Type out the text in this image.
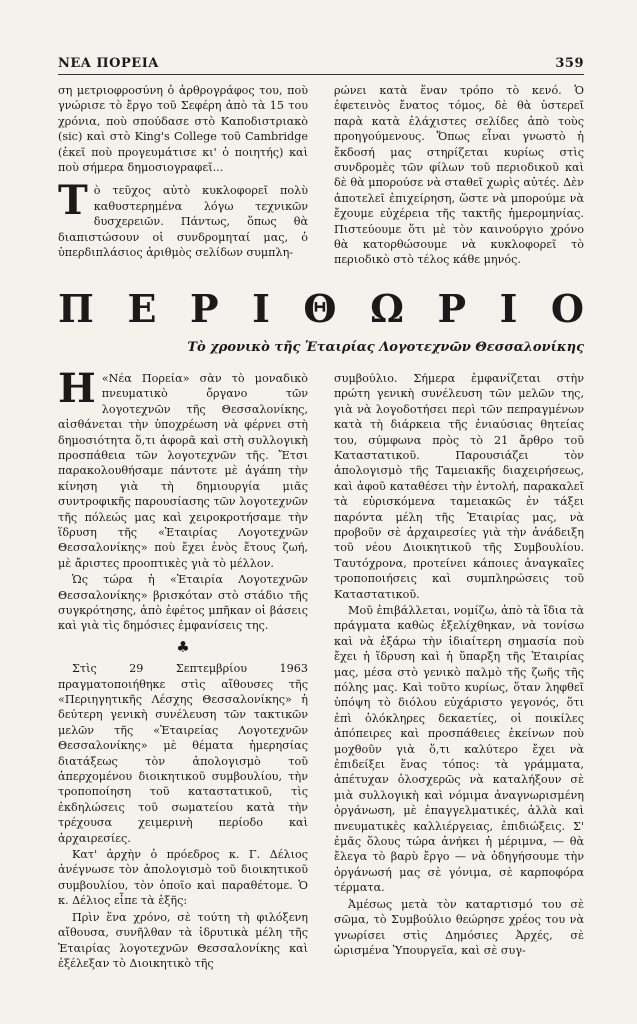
ΝΕΑ ΠΟΡΕΙΑ	359

ση μετριοφροσύνη ὁ ἀρθρογράφος του, ποὺ γνώρισε τὸ ἔργο τοῦ Σεφέρη ἀπὸ τὰ 15 του χρόνια, ποὺ σπούδασε στὸ Καποδιστριακὸ (sic) καὶ στὸ King's College τοῦ Cambridge (ἐκεῖ ποὺ προγευμάτισε κι' ὁ ποιητής) καὶ ποὺ σήμερα δημοσιογραφεῖ...

Τ ὸ τεῦχος αὐτὸ κυκλοφορεῖ πολὺ καθυστερημένα λόγω τεχνικῶν δυσχερειῶν. Πάντως, ὅπως θὰ διαπιστώσουν οἱ συνδρομηταί μας, ὁ ὑπερδιπλάσιος ἀριθμὸς σελίδων συμπλη-

ρώνει κατὰ ἕναν τρόπο τὸ κενό. Ὁ ἐφετεινὸς ἔνατος τόμος, δὲ θὰ ὑστερεῖ παρὰ κατὰ ἐλάχιστες σελίδες ἀπὸ τοὺς προηγούμενους. Ὅπως εἶναι γνωστὸ ἡ ἔκδοσή μας στηρίζεται κυρίως στὶς συνδρομὲς τῶν φίλων τοῦ περιοδικοῦ καὶ δὲ θὰ μπορούσε νὰ σταθεῖ χωρὶς αὐτές. Δὲν ἀποτελεῖ ἐπιχείρηση, ὥστε νὰ μπορούμε νὰ ἔχουμε εὐχέρεια τῆς τακτῆς ἡμερομηνίας. Πιστεύουμε ὅτι μὲ τὸν καινούργιο χρόνο θὰ κατορθώσουμε νὰ κυκλοφορεῖ τὸ περιοδικὸ στὸ τέλος κάθε μηνός.

Π Ε Ρ Ι Θ Ω Ρ Ι Ο
Τὸ χρονικὸ τῆς Ἑταιρίας Λογοτεχνῶν Θεσσαλονίκης

Η «Νέα Πορεία» σὰν τὸ μοναδικὸ πνευματικὸ ὄργανο τῶν λογοτεχνῶν τῆς Θεσσαλονίκης, αἰσθάνεται τὴν ὑποχρέωση νὰ φέρνει στὴ δημοσιότητα ὅ,τι ἀφορᾶ καὶ στὴ συλλογικὴ προσπάθεια τῶν λογοτεχνῶν τῆς. Ἔτσι παρακολουθήσαμε πάντοτε μὲ ἀγάπη τὴν κίνηση γιὰ τὴ δημιουργία μιᾶς συντροφικῆς παρουσίασης τῶν λογοτεχνῶν τῆς πόλεώς μας καὶ χειροκροτήσαμε τὴν ἵδρυση τῆς «Ἑταιρίας Λογοτεχνῶν Θεσσαλονίκης» ποὺ ἔχει ἑνὸς ἔτους ζωή, μὲ ἄριστες προοπτικὲς γιὰ τὸ μέλλον.

Ὡς τώρα ἡ «Ἑταιρία Λογοτεχνῶν Θεσσαλονίκης» βρισκόταν στὸ στάδιο τῆς συγκρότησης, ἀπὸ ἐφέτος μπῆκαν οἱ βάσεις καὶ γιὰ τὶς δημόσιες ἐμφανίσεις της.

♣

Στὶς 29 Σεπτεμβρίου 1963 πραγματοποιήθηκε στὶς αἴθουσες τῆς «Περιηγητικῆς Λέσχης Θεσσαλονίκης» ἡ δεύτερη γενικὴ συνέλευση τῶν τακτικῶν μελῶν τῆς «Ἑταιρείας Λογοτεχνῶν Θεσσαλονίκης» μὲ θέματα ἡμερησίας διατάξεως τὸν ἀπολογισμὸ τοῦ ἀπερχομένου διοικητικοῦ συμβουλίου, τὴν τροποποίηση τοῦ καταστατικοῦ, τὶς ἐκδηλώσεις τοῦ σωματείου κατὰ τὴν τρέχουσα χειμερινὴ περίοδο καὶ ἀρχαιρεσίες.

Κατ' ἀρχὴν ὁ πρόεδρος κ. Γ. Δέλιος ἀνέγνωσε τὸν ἀπολογισμὸ τοῦ διοικητικοῦ συμβουλίου, τὸν ὁποῖο καὶ παραθέτομε. Ὁ κ. Δέλιος εἶπε τὰ ἑξῆς:

Πρὶν ἕνα χρόνο, σὲ τούτη τὴ φιλόξενη αἴθουσα, συνῆλθαν τὰ ἱδρυτικὰ μέλη τῆς Ἑταιρίας λογοτεχνῶν Θεσσαλονίκης καὶ ἐξέλεξαν τὸ Διοικητικὸ τῆς

συμβούλιο. Σήμερα ἐμφανίζεται στὴν πρώτη γενικὴ συνέλευση τῶν μελῶν της, γιὰ νὰ λογοδοτήσει περὶ τῶν πεπραγμένων κατὰ τὴ διάρκεια τῆς ἐνιαύσιας θητείας του, σύμφωνα πρὸς τὸ 21 ἄρθρο τοῦ Καταστατικοῦ. Παρουσιάζει τὸν ἀπολογισμὸ τῆς Ταμειακῆς διαχειρήσεως, καὶ ἀφοῦ καταθέσει τὴν ἐντολή, παρακαλεῖ τὰ εὑρισκόμενα ταμειακῶς ἐν τάξει παρόντα μέλη τῆς Ἑταιρίας μας, νὰ προβοῦν σὲ ἀρχαιρεσίες γιὰ τὴν ἀνάδειξη τοῦ νέου Διοικητικοῦ τῆς Συμβουλίου. Ταυτόχρονα, προτείνει κάποιες ἀναγκαῖες τροποποιήσεις καὶ συμπληρώσεις τοῦ Καταστατικοῦ.

Μοῦ ἐπιβάλλεται, νομίζω, ἀπὸ τὰ ἴδια τὰ πράγματα καθὼς ἐξελίχθηκαν, νὰ τονίσω καὶ νὰ ἐξάρω τὴν ἰδιαίτερη σημασία ποὺ ἔχει ἡ ἵδρυση καὶ ἡ ὕπαρξη τῆς Ἑταιρίας μας, μέσα στὸ γενικὸ παλμὸ τῆς ζωῆς τῆς πόλης μας. Καὶ τοῦτο κυρίως, ὅταν ληφθεῖ ὑπόψη τὸ διόλου εὐχάριστο γεγονός, ὅτι ἐπὶ ὁλόκληρες δεκαετίες, οἱ ποικίλες ἀπόπειρες καὶ προσπάθειες ἐκείνων ποὺ μοχθοῦν γιὰ ὅ,τι καλύτερο ἔχει νὰ ἐπιδείξει ἕνας τόπος: τὰ γράμματα, ἀπέτυχαν ὁλοσχερῶς νὰ καταλήξουν σὲ μιὰ συλλογικὴ καὶ νόμιμα ἀναγνωρισμένη ὀργάνωση, μὲ ἐπαγγελματικές, ἀλλὰ καὶ πνευματικὲς καλλιέργειας, ἐπιδιώξεις. Σ' ἐμᾶς ὅλους τώρα ἀνήκει ἡ μέριμνα, — θὰ ἔλεγα τὸ βαρὺ ἔργο — νὰ ὁδηγήσουμε τὴν ὀργάνωσή μας σὲ γόνιμα, σὲ καρποφόρα τέρματα.

Ἀμέσως μετὰ τὸν καταρτισμό του σὲ σῶμα, τὸ Συμβούλιο θεώρησε χρέος του νὰ γνωρίσει στὶς Δημόσιες Ἀρχές, σὲ ὡρισμένα Ὑπουργεῖα, καὶ σὲ συγ-
